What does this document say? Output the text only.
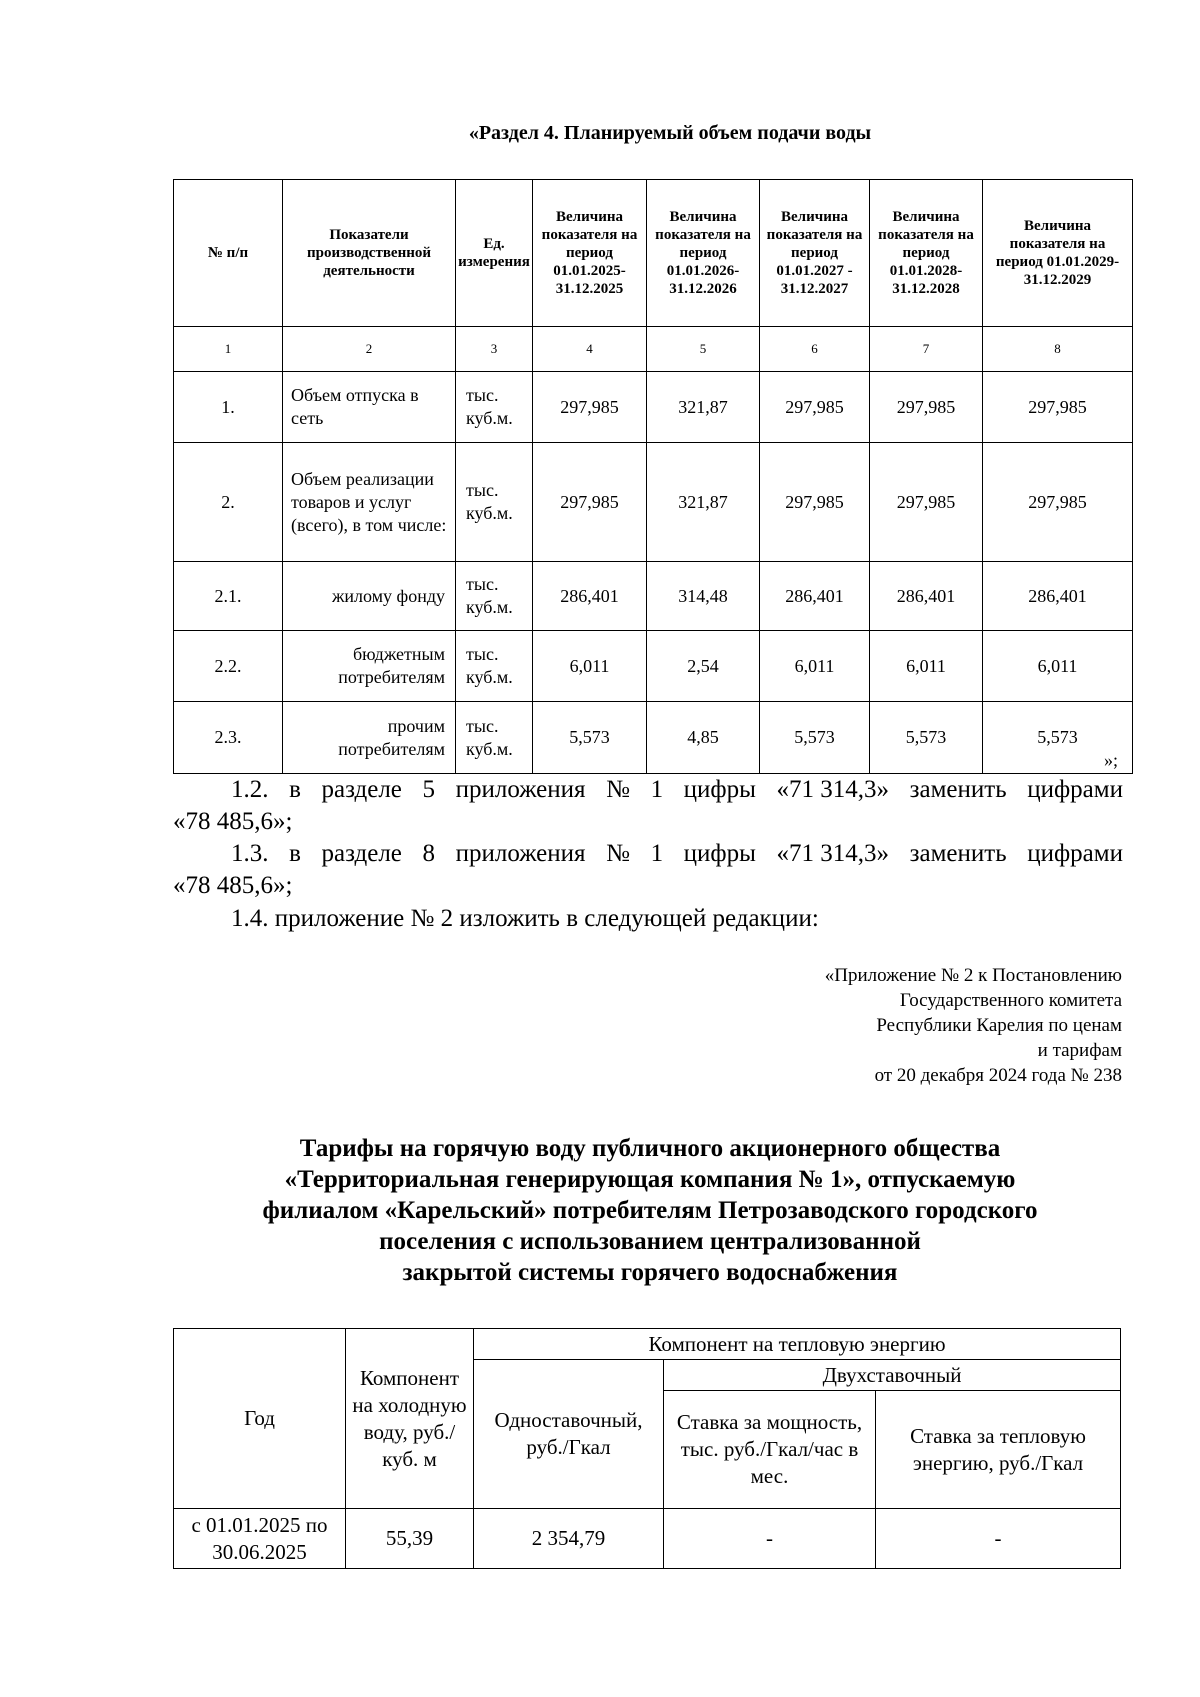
«Раздел 4. Планируемый объем подачи воды
№ п/п	Показатели производственной деятельности	Ед. измерения	Величина показателя на период 01.01.2025-31.12.2025	Величина показателя на период 01.01.2026-31.12.2026	Величина показателя на период 01.01.2027 - 31.12.2027	Величина показателя на период 01.01.2028-31.12.2028	Величина показателя на период 01.01.2029-31.12.2029
1	2	3	4	5	6	7	8
1.	Объем отпуска в сеть	тыс. куб.м.	297,985	321,87	297,985	297,985	297,985
2.	Объем реализации товаров и услуг (всего), в том числе:	тыс. куб.м.	297,985	321,87	297,985	297,985	297,985
2.1.	жилому фонду	тыс. куб.м.	286,401	314,48	286,401	286,401	286,401
2.2.	бюджетным потребителям	тыс. куб.м.	6,011	2,54	6,011	6,011	6,011
2.3.	прочим потребителям	тыс. куб.м.	5,573	4,85	5,573	5,573	5,573
»;
1.2. в разделе 5 приложения № 1 цифры «71 314,3» заменить цифрами
«78 485,6»;
1.3. в разделе 8 приложения № 1 цифры «71 314,3» заменить цифрами
«78 485,6»;
1.4. приложение № 2 изложить в следующей редакции:
«Приложение № 2 к Постановлению
Государственного комитета
Республики Карелия по ценам
и тарифам
от 20 декабря 2024 года № 238
Тарифы на горячую воду публичного акционерного общества
«Территориальная генерирующая компания № 1», отпускаемую
филиалом «Карельский» потребителям Петрозаводского городского
поселения с использованием централизованной
закрытой системы горячего водоснабжения
Год	Компонент на холодную воду, руб./куб. м	Компонент на тепловую энергию		
		Одноставочный, руб./Гкал	Двухставочный	
			Ставка за мощность, тыс. руб./Гкал/час в мес.	Ставка за тепловую энергию, руб./Гкал
с 01.01.2025 по 30.06.2025	55,39	2 354,79	-	-
